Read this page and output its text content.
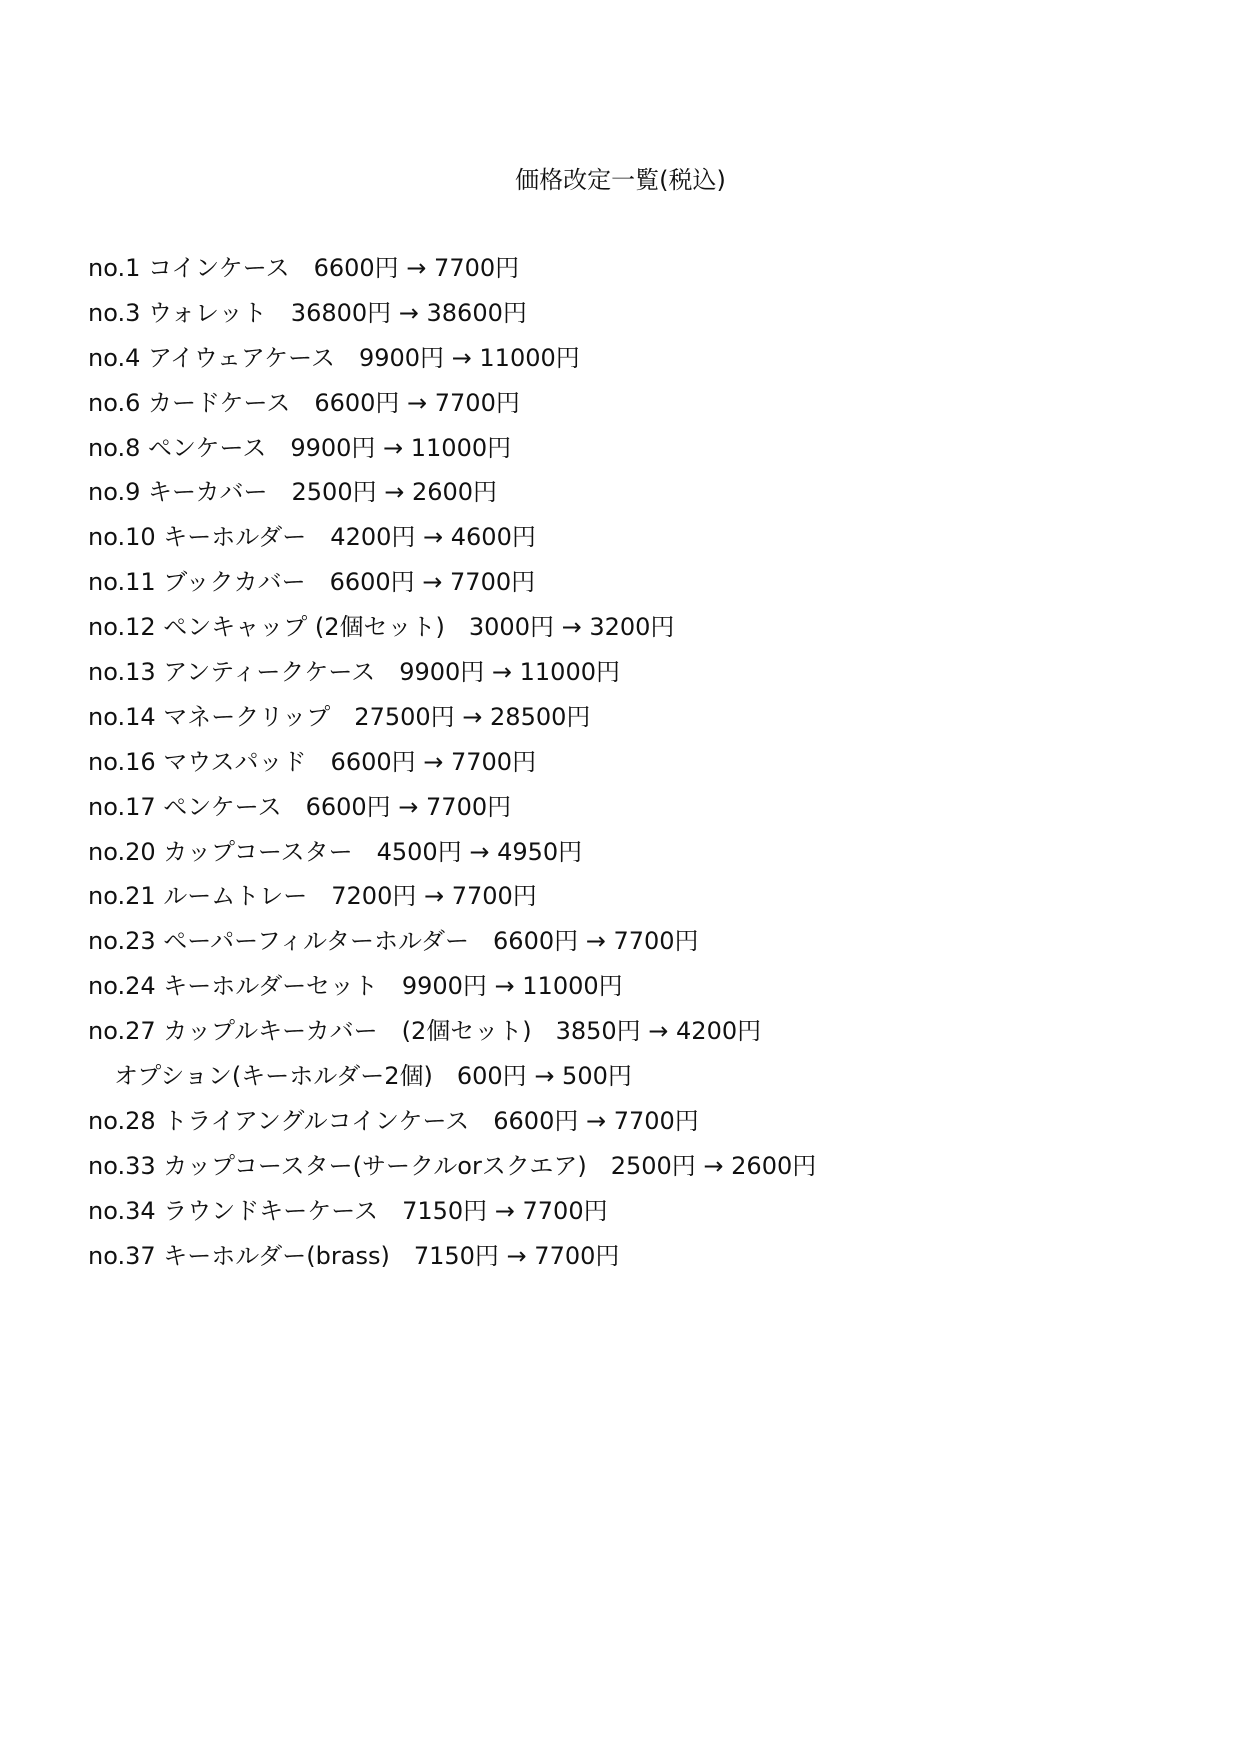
価格改定一覧(税込)
no.1 コインケース　6600円 → 7700円
no.3 ウォレット　36800円 → 38600円
no.4 アイウェアケース　9900円 → 11000円
no.6 カードケース　6600円 → 7700円
no.8 ペンケース　9900円 → 11000円
no.9 キーカバー　2500円 → 2600円
no.10 キーホルダー　4200円 → 4600円
no.11 ブックカバー　6600円 → 7700円
no.12 ペンキャップ (2個セット)　3000円 → 3200円
no.13 アンティークケース　9900円 → 11000円
no.14 マネークリップ　27500円 → 28500円
no.16 マウスパッド　6600円 → 7700円
no.17 ペンケース　6600円 → 7700円
no.20 カップコースター　4500円 → 4950円
no.21 ルームトレー　7200円 → 7700円
no.23 ペーパーフィルターホルダー　6600円 → 7700円
no.24 キーホルダーセット　9900円 → 11000円
no.27 カップルキーカバー　(2個セット)　3850円 → 4200円
オプション(キーホルダー2個)　600円 → 500円
no.28 トライアングルコインケース　6600円 → 7700円
no.33 カップコースター(サークルorスクエア)　2500円 → 2600円
no.34 ラウンドキーケース　7150円 → 7700円
no.37 キーホルダー(brass)　7150円 → 7700円
